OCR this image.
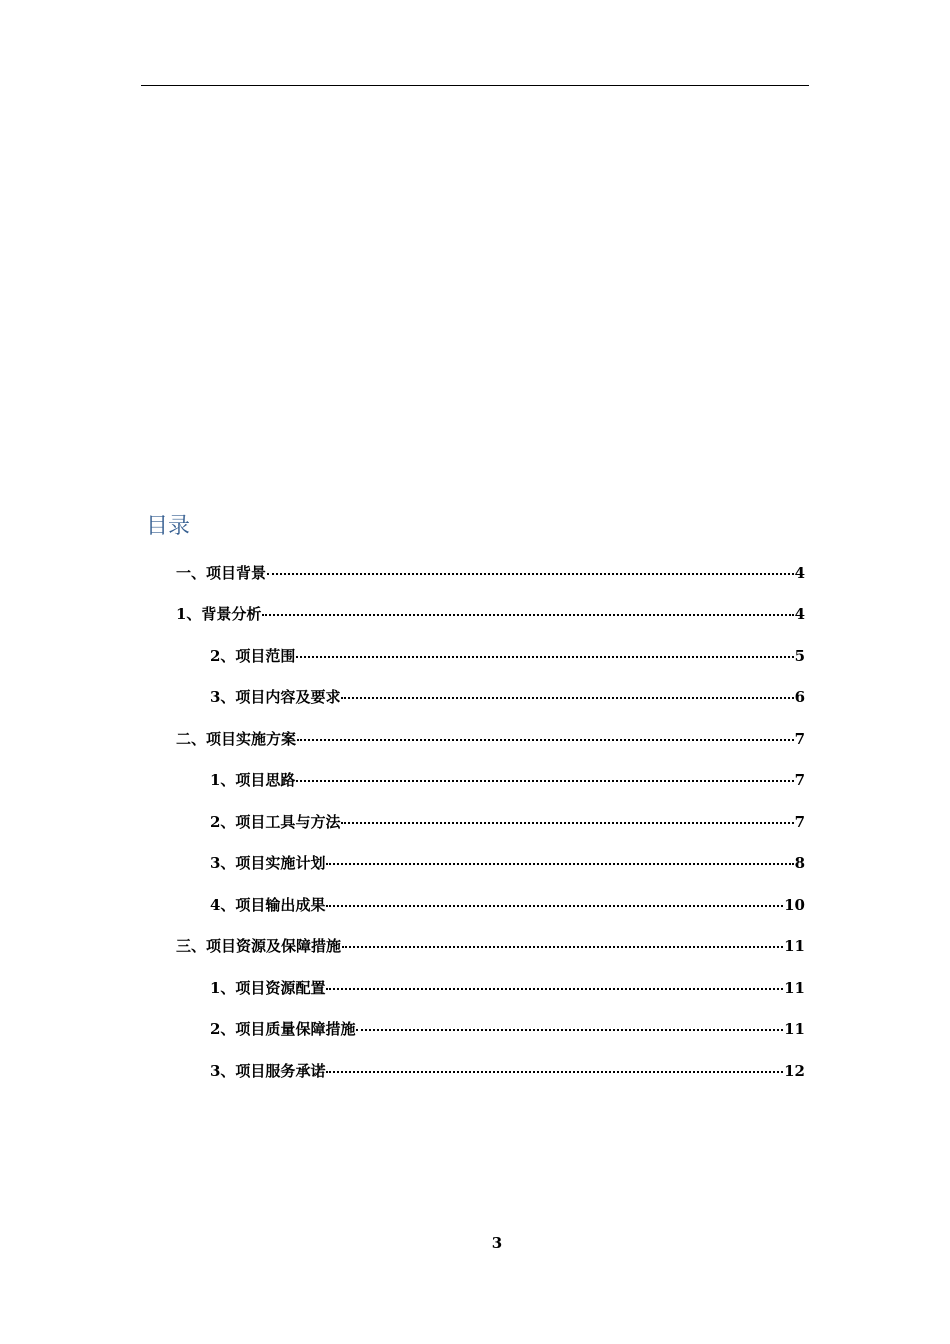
目录
一、项目背景	4
1、背景分析	4
2、项目范围	5
3、项目内容及要求	6
二、项目实施方案	7
1、项目思路	7
2、项目工具与方法	7
3、项目实施计划	8
4、项目输出成果	10
三、项目资源及保障措施	11
1、项目资源配置	11
2、项目质量保障措施	11
3、项目服务承诺	12
3
